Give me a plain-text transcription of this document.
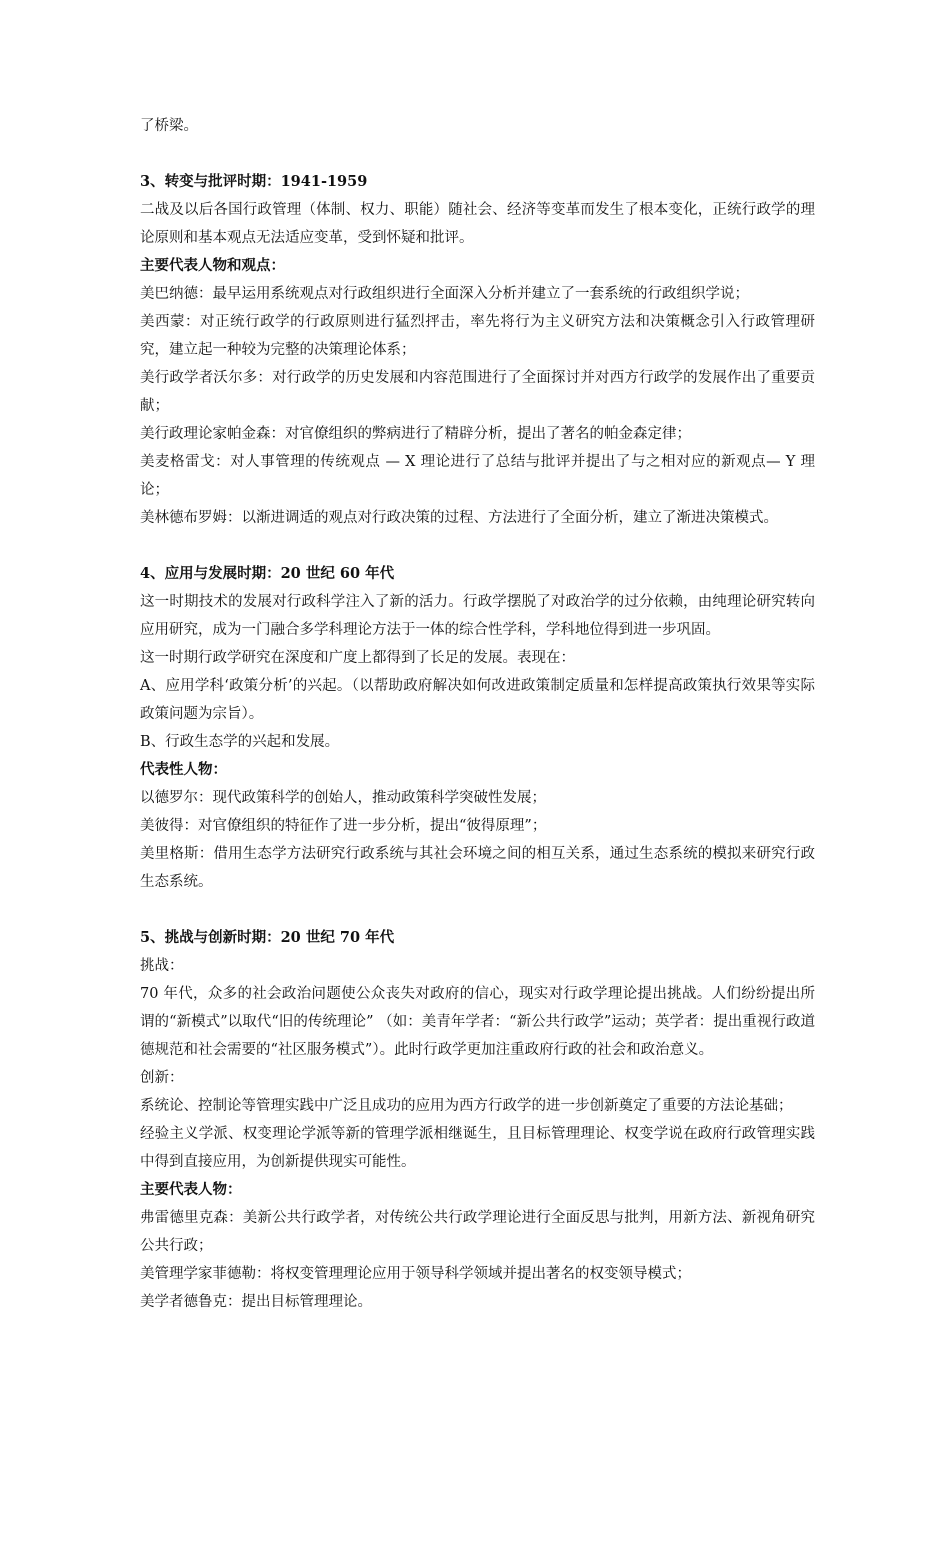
了桥梁。

3、转变与批评时期：1941-1959

二战及以后各国行政管理（体制、权力、职能）随社会、经济等变革而发生了根本变化，正统行政学的理论原则和基本观点无法适应变革，受到怀疑和批评。

主要代表人物和观点：

美巴纳德：最早运用系统观点对行政组织进行全面深入分析并建立了一套系统的行政组织学说；

美西蒙：对正统行政学的行政原则进行猛烈抨击，率先将行为主义研究方法和决策概念引入行政管理研究，建立起一种较为完整的决策理论体系；

美行政学者沃尔多：对行政学的历史发展和内容范围进行了全面探讨并对西方行政学的发展作出了重要贡献；

美行政理论家帕金森：对官僚组织的弊病进行了精辟分析，提出了著名的帕金森定律；

美麦格雷戈：对人事管理的传统观点 — X 理论进行了总结与批评并提出了与之相对应的新观点— Y 理论；

美林德布罗姆：以渐进调适的观点对行政决策的过程、方法进行了全面分析，建立了渐进决策模式。

4、应用与发展时期：20 世纪 60 年代

这一时期技术的发展对行政科学注入了新的活力。行政学摆脱了对政治学的过分依赖，由纯理论研究转向应用研究，成为一门融合多学科理论方法于一体的综合性学科，学科地位得到进一步巩固。

这一时期行政学研究在深度和广度上都得到了长足的发展。表现在：

A、应用学科‘政策分析’的兴起。（以帮助政府解决如何改进政策制定质量和怎样提高政策执行效果等实际政策问题为宗旨）。

B、行政生态学的兴起和发展。

代表性人物：

以德罗尔：现代政策科学的创始人，推动政策科学突破性发展；

美彼得：对官僚组织的特征作了进一步分析，提出“彼得原理”；

美里格斯：借用生态学方法研究行政系统与其社会环境之间的相互关系，通过生态系统的模拟来研究行政生态系统。

5、挑战与创新时期：20 世纪 70 年代

挑战：

70 年代，众多的社会政治问题使公众丧失对政府的信心，现实对行政学理论提出挑战。人们纷纷提出所谓的“新模式”以取代“旧的传统理论” （如：美青年学者：“新公共行政学”运动；英学者：提出重视行政道德规范和社会需要的“社区服务模式”）。此时行政学更加注重政府行政的社会和政治意义。

创新：

系统论、控制论等管理实践中广泛且成功的应用为西方行政学的进一步创新奠定了重要的方法论基础；

经验主义学派、权变理论学派等新的管理学派相继诞生，且目标管理理论、权变学说在政府行政管理实践中得到直接应用，为创新提供现实可能性。

主要代表人物：

弗雷德里克森：美新公共行政学者，对传统公共行政学理论进行全面反思与批判，用新方法、新视角研究公共行政；

美管理学家菲德勒：将权变管理理论应用于领导科学领域并提出著名的权变领导模式；

美学者德鲁克：提出目标管理理论。
